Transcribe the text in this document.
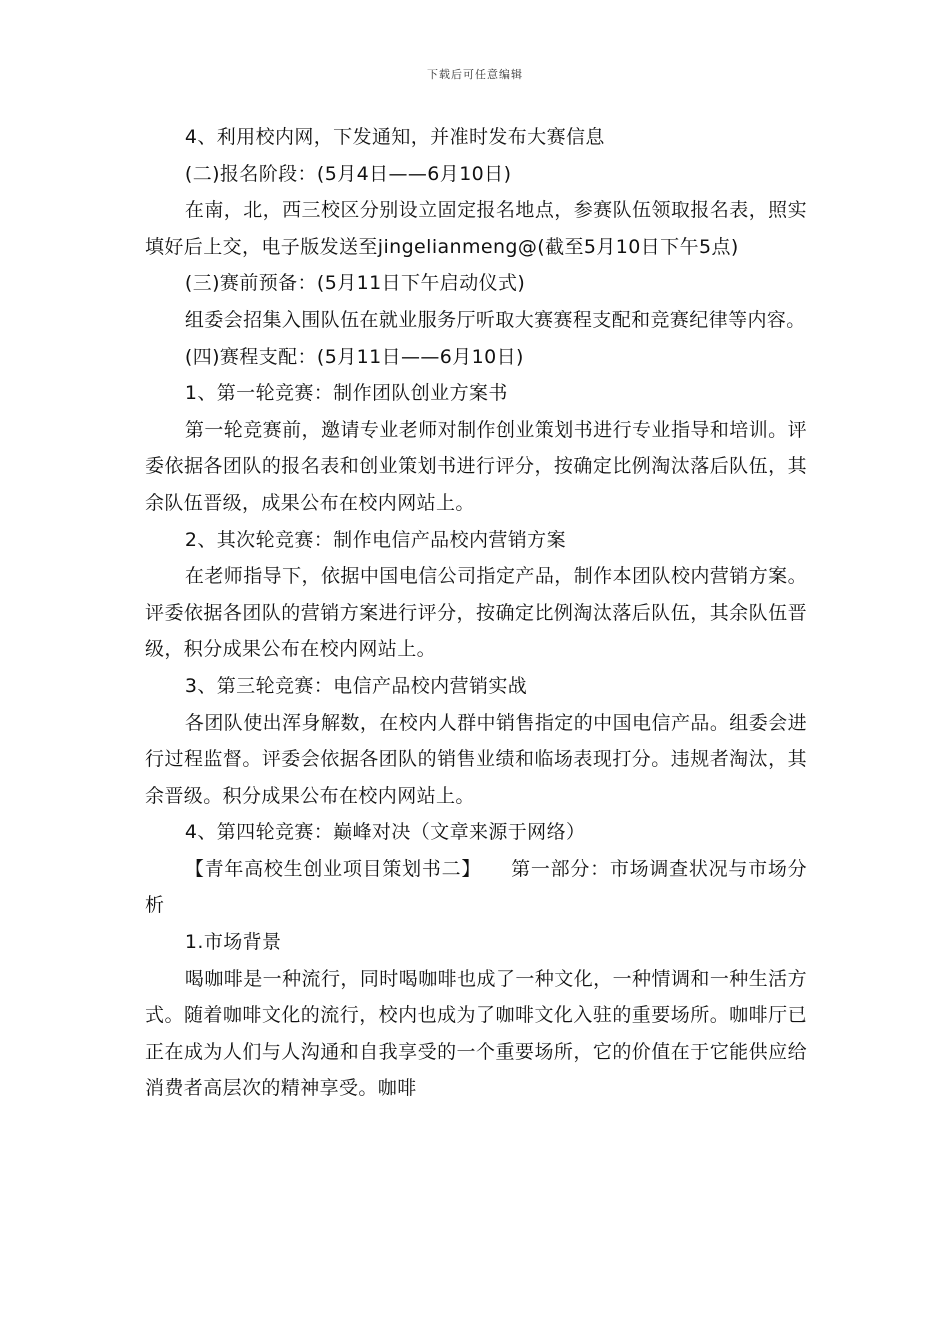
下载后可任意编辑

4、利用校内网，下发通知，并准时发布大赛信息

(二)报名阶段：(5月4日——6月10日)

在南，北，西三校区分别设立固定报名地点，参赛队伍领取报名表，照实填好后上交，电子版发送至jingelianmeng@(截至5月10日下午5点)

(三)赛前预备：(5月11日下午启动仪式)

组委会招集入围队伍在就业服务厅听取大赛赛程支配和竞赛纪律等内容。

(四)赛程支配：(5月11日——6月10日)

1、第一轮竞赛：制作团队创业方案书

第一轮竞赛前，邀请专业老师对制作创业策划书进行专业指导和培训。评委依据各团队的报名表和创业策划书进行评分，按确定比例淘汰落后队伍，其余队伍晋级，成果公布在校内网站上。

2、其次轮竞赛：制作电信产品校内营销方案

在老师指导下，依据中国电信公司指定产品，制作本团队校内营销方案。评委依据各团队的营销方案进行评分，按确定比例淘汰落后队伍，其余队伍晋级，积分成果公布在校内网站上。

3、第三轮竞赛：电信产品校内营销实战

各团队使出浑身解数，在校内人群中销售指定的中国电信产品。组委会进行过程监督。评委会依据各团队的销售业绩和临场表现打分。违规者淘汰，其余晋级。积分成果公布在校内网站上。

4、第四轮竞赛：巅峰对决（文章来源于网络）

【青年高校生创业项目策划书二】　　第一部分：市场调查状况与市场分析

1.市场背景

喝咖啡是一种流行，同时喝咖啡也成了一种文化，一种情调和一种生活方式。随着咖啡文化的流行，校内也成为了咖啡文化入驻的重要场所。咖啡厅已正在成为人们与人沟通和自我享受的一个重要场所，它的价值在于它能供应给消费者高层次的精神享受。咖啡
